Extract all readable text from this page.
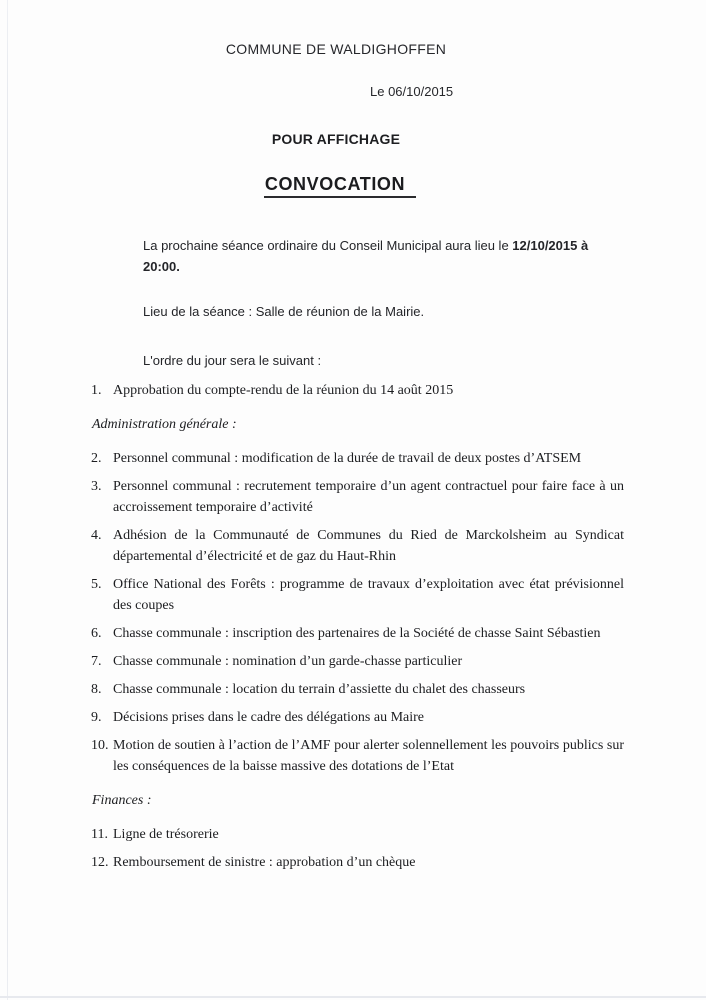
COMMUNE DE WALDIGHOFFEN

Le 06/10/2015
POUR AFFICHAGE
CONVOCATION

La prochaine séance ordinaire du Conseil Municipal aura lieu le 12/10/2015 à 20:00.

Lieu de la séance : Salle de réunion de la Mairie.

L'ordre du jour sera le suivant :

1. Approbation du compte-rendu de la réunion du 14 août 2015
Administration générale :
2. Personnel communal : modification de la durée de travail de deux postes d’ATSEM
3. Personnel communal : recrutement temporaire d’un agent contractuel pour faire face à un accroissement temporaire d’activité
4. Adhésion de la Communauté de Communes du Ried de Marckolsheim au Syndicat départemental d’électricité et de gaz du Haut-Rhin
5. Office National des Forêts : programme de travaux d’exploitation avec état prévisionnel des coupes
6. Chasse communale : inscription des partenaires de la Société de chasse Saint Sébastien
7. Chasse communale : nomination d’un garde-chasse particulier
8. Chasse communale : location du terrain d’assiette du chalet des chasseurs
9. Décisions prises dans le cadre des délégations au Maire
10. Motion de soutien à l’action de l’AMF pour alerter solennellement les pouvoirs publics sur les conséquences de la baisse massive des dotations de l’Etat
Finances :
11. Ligne de trésorerie
12. Remboursement de sinistre : approbation d’un chèque
